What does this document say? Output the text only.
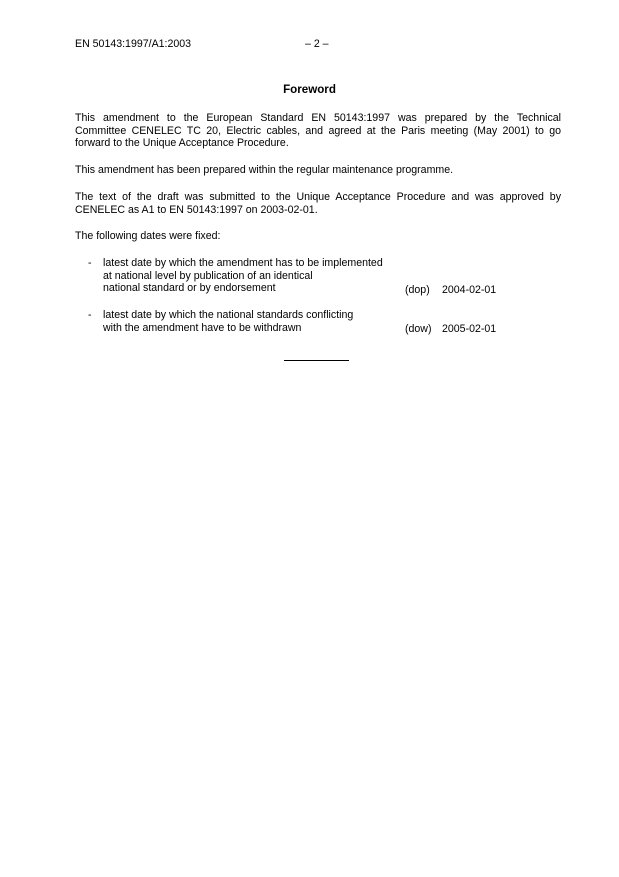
EN 50143:1997/A1:2003	– 2 –
Foreword
This amendment to the European Standard EN 50143:1997 was prepared by the Technical
Committee CENELEC TC 20, Electric cables, and agreed at the Paris meeting (May 2001) to go
forward to the Unique Acceptance Procedure.
This amendment has been prepared within the regular maintenance programme.
The text of the draft was submitted to the Unique Acceptance Procedure and was approved by
CENELEC as A1 to EN 50143:1997 on 2003-02-01.
The following dates were fixed:
- latest date by which the amendment has to be implemented
at national level by publication of an identical
national standard or by endorsement	(dop) 2004-02-01
- latest date by which the national standards conflicting
with the amendment have to be withdrawn	(dow) 2005-02-01
